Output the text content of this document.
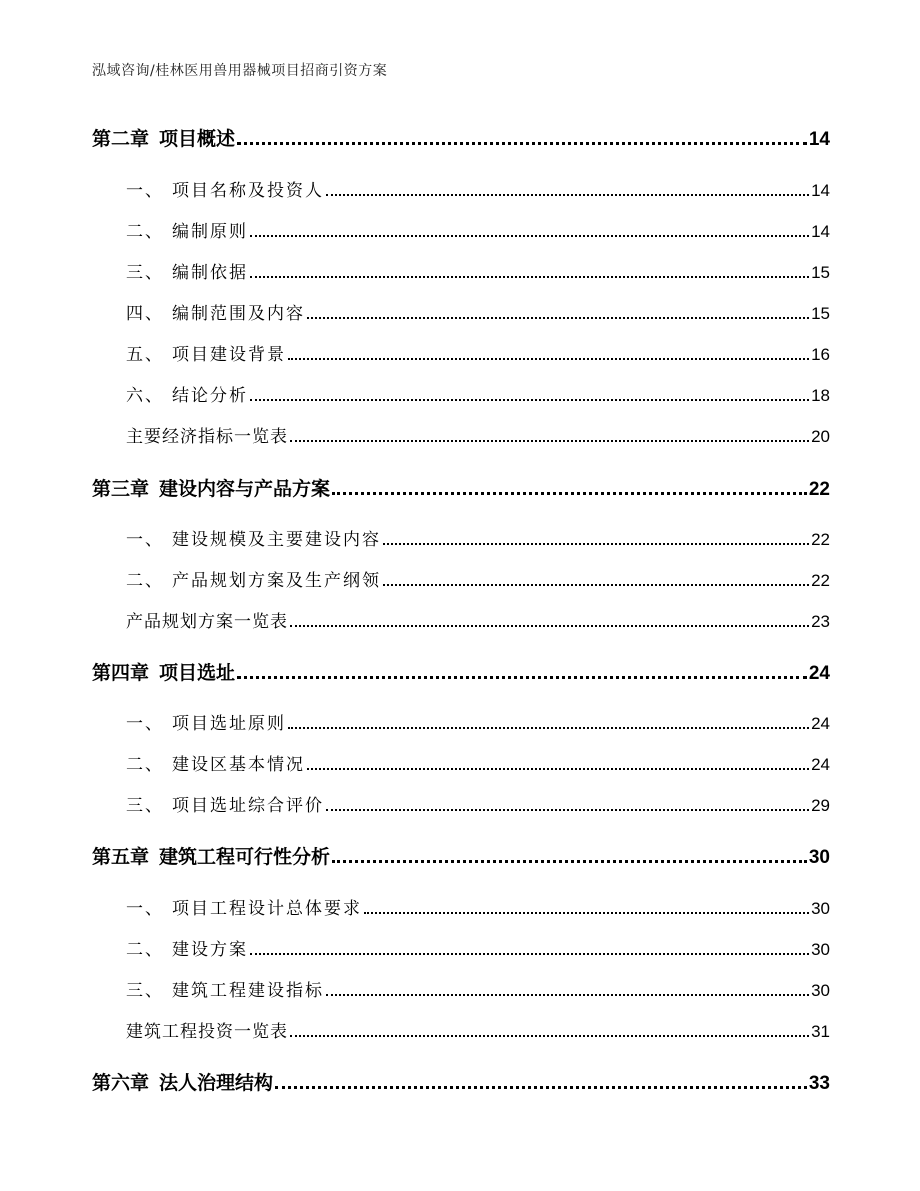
泓域咨询/桂林医用兽用器械项目招商引资方案
第二章 项目概述	14
一、 项目名称及投资人	14
二、 编制原则	14
三、 编制依据	15
四、 编制范围及内容	15
五、 项目建设背景	16
六、 结论分析	18
主要经济指标一览表	20
第三章 建设内容与产品方案	22
一、 建设规模及主要建设内容	22
二、 产品规划方案及生产纲领	22
产品规划方案一览表	23
第四章 项目选址	24
一、 项目选址原则	24
二、 建设区基本情况	24
三、 项目选址综合评价	29
第五章 建筑工程可行性分析	30
一、 项目工程设计总体要求	30
二、 建设方案	30
三、 建筑工程建设指标	30
建筑工程投资一览表	31
第六章 法人治理结构	33
